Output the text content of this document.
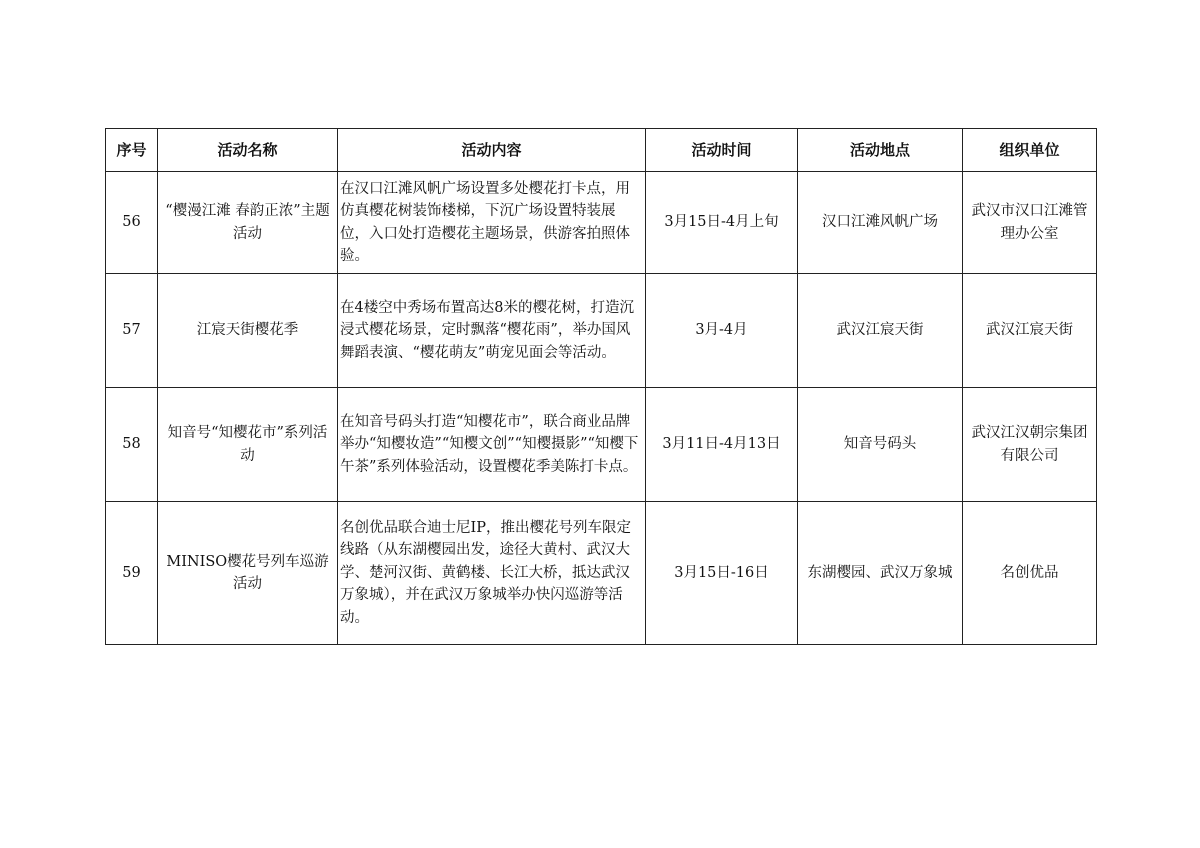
序号	活动名称	活动内容	活动时间	活动地点	组织单位
56	“樱漫江滩 春韵正浓”主题活动	在汉口江滩风帆广场设置多处樱花打卡点，用仿真樱花树装饰楼梯，下沉广场设置特装展位，入口处打造樱花主题场景，供游客拍照体验。	3月15日-4月上旬	汉口江滩风帆广场	武汉市汉口江滩管理办公室
57	江宸天街樱花季	在4楼空中秀场布置高达8米的樱花树，打造沉浸式樱花场景，定时飘落“樱花雨”，举办国风舞蹈表演、“樱花萌友”萌宠见面会等活动。	3月-4月	武汉江宸天街	武汉江宸天街
58	知音号“知樱花市”系列活动	在知音号码头打造“知樱花市”，联合商业品牌举办“知樱妆造”“知樱文创”“知樱摄影”“知樱下午茶”系列体验活动，设置樱花季美陈打卡点。	3月11日-4月13日	知音号码头	武汉江汉朝宗集团有限公司
59	MINISO樱花号列车巡游活动	名创优品联合迪士尼IP，推出樱花号列车限定线路（从东湖樱园出发，途径大黄村、武汉大学、楚河汉街、黄鹤楼、长江大桥，抵达武汉万象城），并在武汉万象城举办快闪巡游等活动。	3月15日-16日	东湖樱园、武汉万象城	名创优品
